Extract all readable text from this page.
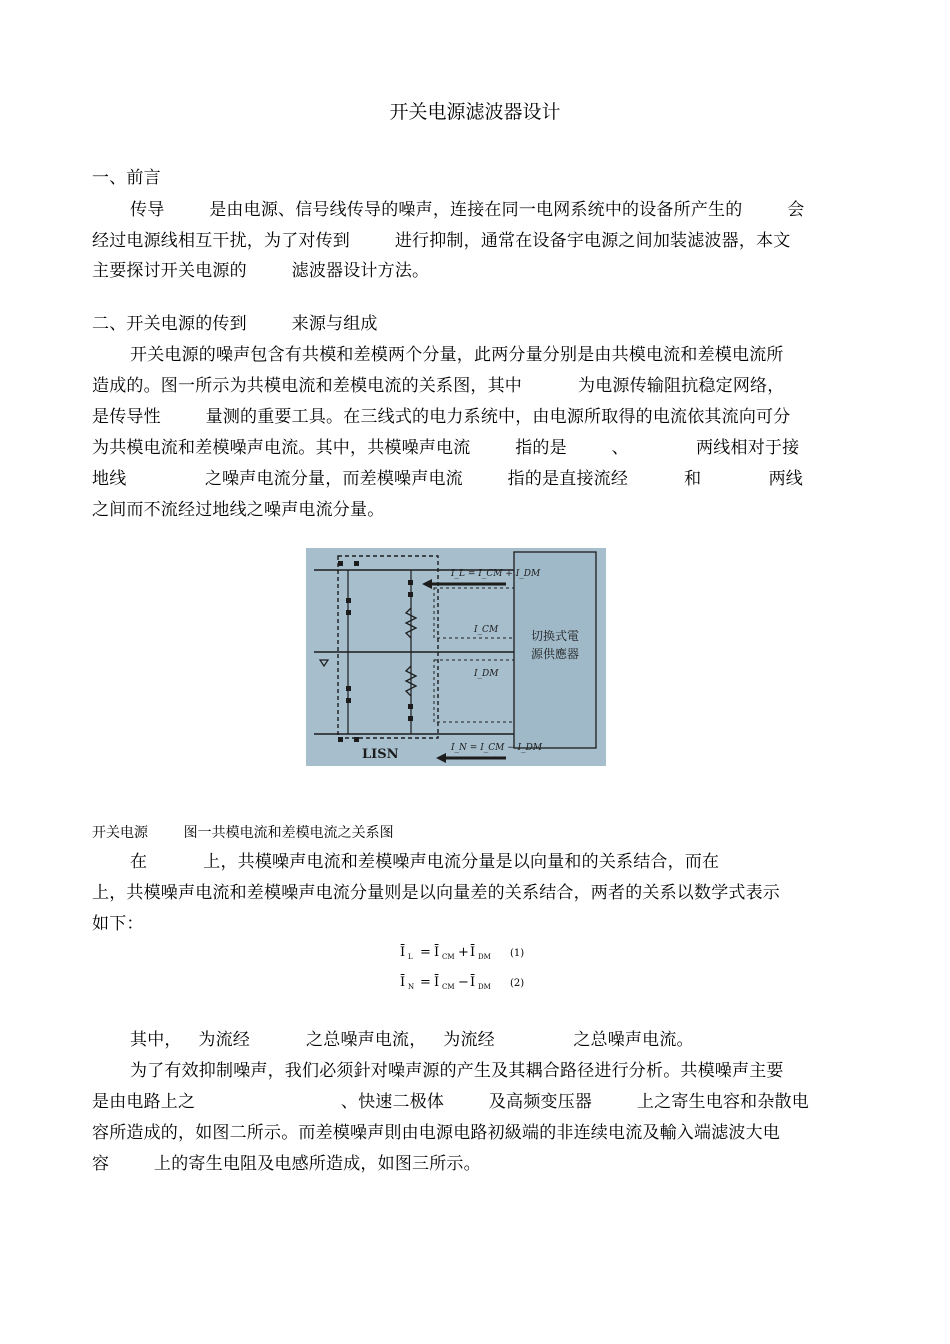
开关电源滤波器设计
一、前言
传导        是由电源、信号线传导的噪声，连接在同一电网系统中的设备所产生的        会
经过电源线相互干扰，为了对传到        进行抑制，通常在设备宇电源之间加装滤波器，本文
主要探讨开关电源的        滤波器设计方法。
二、开关电源的传到        来源与组成
开关电源的噪声包含有共模和差模两个分量，此两分量分别是由共模电流和差模电流所
造成的。图一所示为共模电流和差模电流的关系图，其中          为电源传输阻抗稳定网络，
是传导性        量测的重要工具。在三线式的电力系统中，由电源所取得的电流依其流向可分
为共模电流和差模噪声电流。其中，共模噪声电流        指的是        、            两线相对于接
地线              之噪声电流分量，而差模噪声电流        指的是直接流经          和            两线
之间而不流经过地线之噪声电流分量。
切换式電
源供應器
I_L = I_CM + I_DM
I_N = I_CM − I_DM
I_CM
I_DM
LISN
开关电源        图一共模电流和差模电流之关系图
在          上，共模噪声电流和差模噪声电流分量是以向量和的关系结合，而在
上，共模噪声电流和差模噪声电流分量则是以向量差的关系结合，两者的关系以数学式表示
如下：
Ī L = Ī CM + Ī DM (1)
Ī N = Ī CM − Ī DM (2)
其中，   为流经          之总噪声电流，   为流经              之总噪声电流。
为了有效抑制噪声，我们必须針对噪声源的产生及其耦合路径进行分析。共模噪声主要
是由电路上之                          、快速二极体        及高频变压器        上之寄生电容和杂散电
容所造成的，如图二所示。而差模噪声則由电源电路初級端的非连续电流及輸入端滤波大电
容        上的寄生电阻及电感所造成，如图三所示。
